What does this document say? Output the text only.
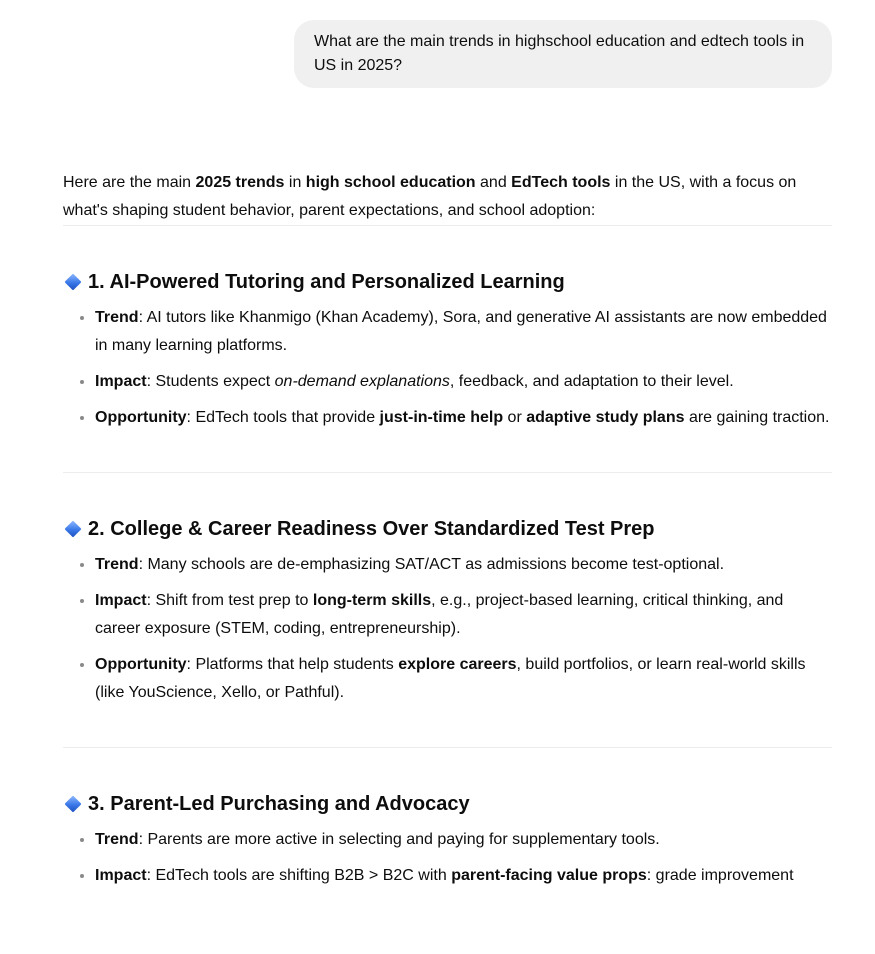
What are the main trends in highschool education and edtech tools in US in 2025?

Here are the main 2025 trends in high school education and EdTech tools in the US, with a focus on what's shaping student behavior, parent expectations, and school adoption:

1. AI-Powered Tutoring and Personalized Learning
• Trend: AI tutors like Khanmigo (Khan Academy), Sora, and generative AI assistants are now embedded in many learning platforms.
• Impact: Students expect on-demand explanations, feedback, and adaptation to their level.
• Opportunity: EdTech tools that provide just-in-time help or adaptive study plans are gaining traction.
2. College & Career Readiness Over Standardized Test Prep
• Trend: Many schools are de-emphasizing SAT/ACT as admissions become test-optional.
• Impact: Shift from test prep to long-term skills, e.g., project-based learning, critical thinking, and career exposure (STEM, coding, entrepreneurship).
• Opportunity: Platforms that help students explore careers, build portfolios, or learn real-world skills (like YouScience, Xello, or Pathful).
3. Parent-Led Purchasing and Advocacy
• Trend: Parents are more active in selecting and paying for supplementary tools.
• Impact: EdTech tools are shifting B2B > B2C with parent-facing value props: grade improvement
